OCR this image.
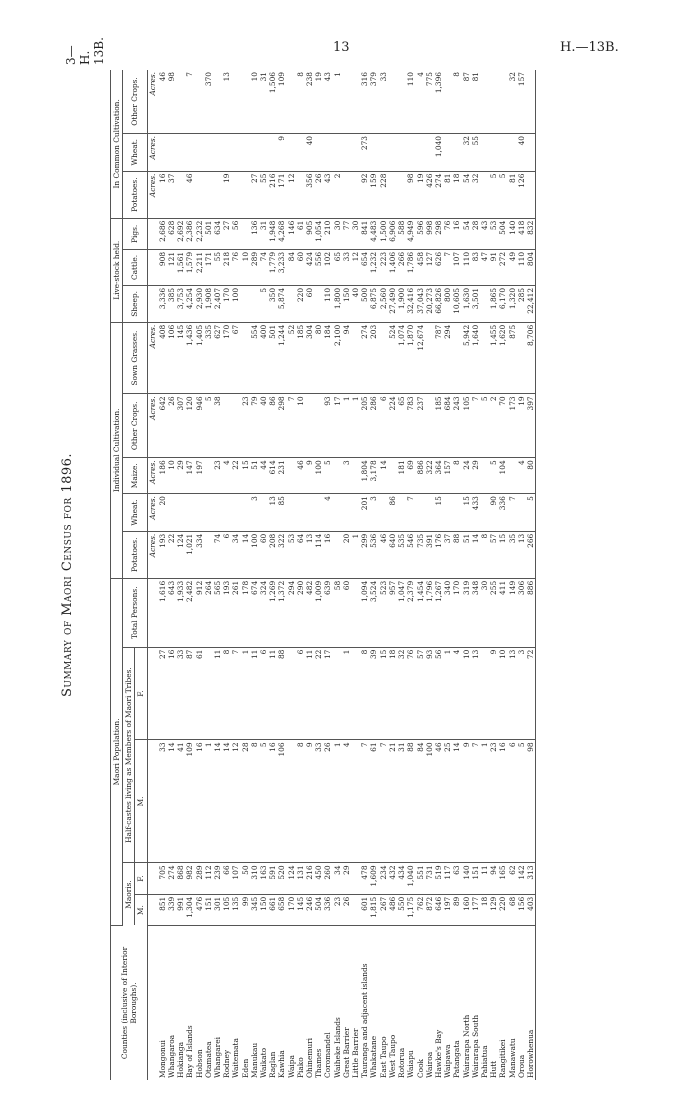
13	H.—13B.
Summary of Maori Census for 1896.
3—H. 13B.
Counties (inclusive of Interior Boroughs).	Maori Population.					Individual Cultivation.					Live-stock held.			In Common Cultivation.		
	Maoris.		Half-castes living as Members of Maori Tribes.		Total Persons.	Potatoes.	Wheat.	Maize.	Other Crops.	Sown Grasses.	Sheep.	Cattle.	Pigs.	Potatoes.	Wheat.	Other Crops.
	M.	F.	M.	F.												
						Acres.	Acres.	Acres.	Acres.	Acres.				Acres.	Acres.	Acres.
Mongonui	851	705	33	27	1,616	193	20	186	642	408	3,336	908	2,686	16		46
Whangaroa	339	274	14	16	643	22		10	26	106	385	121	628	37		98
Hokianga	991	868	41	33	1,933	124		29	307	145	3,753	1,561	2,692			
Bay of Islands	1,304	982	109	87	2,482	1,021		147	120	1,436	4,254	1,579	2,386	46		7
Hobson	476	289	16	61	912	334		197	946	1,405	2,930	2,211	2,232			
Otamatea	151	112	1		264				5	335	1,908	171	501			370
Whangarei	301	239	14	11	565	74		23	38	627	2,407	55	634			
Rodney	105	66	14	8	193	6		4		170	170	218	27	19		13
Waitemata	135	107	12	7	261	34		22		67	100	76	56			
Eden	99	50	28	1	178	14		15	23			10				
Manukau	345	310	8	11	674	100	3	51	79	554		289	136	27		10
Waikato	150	163	5	6	324	60		44	40	400	5	74	31	55		31
Raglan	661	591	16	11	1,269	208	13	614	86	501	350	1,779	1,948	216		1,506
Kawhia	658	520	106	88	1,372	322	85	231	298	1,244	5,874	3,233	4,268	171	9	109
Waipa	170	124			294	53			7	52		84	146	12		
Piako	145	131	8	6	290	64		46	10	185	220	60	61			8
Ohinemuri	246	216	9	11	482	13		9		304	60	424	905	356	40	238
Thames	504	450	33	22	1,009	114		100		80		556	1,054	26		19
Coromandel	336	260	26	17	639	16	4	5	93	184	110	102	210	43		43
Waiheke Islands	23	34	1		58				17	2,100	1,800	65	30	2		1
Great Barrier	26	29	4	1	60	20		3	1	94	150	33	77			
Little Barrier						1			1		40	12	30			
Tauranga and adjacent islands	601	478	7	8	1,094	299	201	1,804	205	274	500	654	841	92	273	316
Whakatane	1,815	1,609	61	39	3,524	536	3	3,178	286	203	6,875	1,232	4,483	159		379
East Taupo	267	234	7	15	523	46		14	6		2,560	223	1,500	228		33
West Taupo	486	432	21	18	957	640	86		224	524	27,490	1,406	6,906			
Rotorua	550	434	31	32	1,047	535		181	65	1,074	1,900	266	588			
Waiapu	1,175	1,040	88	76	2,379	546	7	69	783	1,870	32,416	1,786	4,949	98		110
Cook	762	551	84	57	1,454	735		886	237	12,674	37,043	458	596	19		4
Wairoa	872	731	100	93	1,796	391		322			20,273	127	998	426		775
Hawke's Bay	646	519	46	56	1,267	176	15	364	185	787	66,826	626	298	274	1,040	1,396
Waipawa	197	117	25	1	340	37		157	684	294	800	7	76	81		
Patangata	89	63	14	4	170	88		8	243		10,605	107	16	18		8
Wairarapa North	160	140	9	10	319	51	15	24	105	5,942	1,630	110	54	54	32	87
Wairarapa South	177	151	7	13	348	14	433	29	7	1,640	3,501	83	28	32	55	81
Pahiatua	18	11	1		30	8			5			47	43			
Hutt	129	94	23	9	255	57	90	5	2	1,455	1,865	91	53	5		
Rangitikei	220	165	16	10	411	15	336	104	70	1,620	6,170	272	504	5		
Manawatu	68	62	6	13	149	35	7		173	875	1,320	49	140	81		32
Oroua	156	142	5	3	306	13		4	19		285	110	418	126	40	157
Horowhenua	403	313	98	72	886	266	5	80	397	8,706	22,412	804	832			
